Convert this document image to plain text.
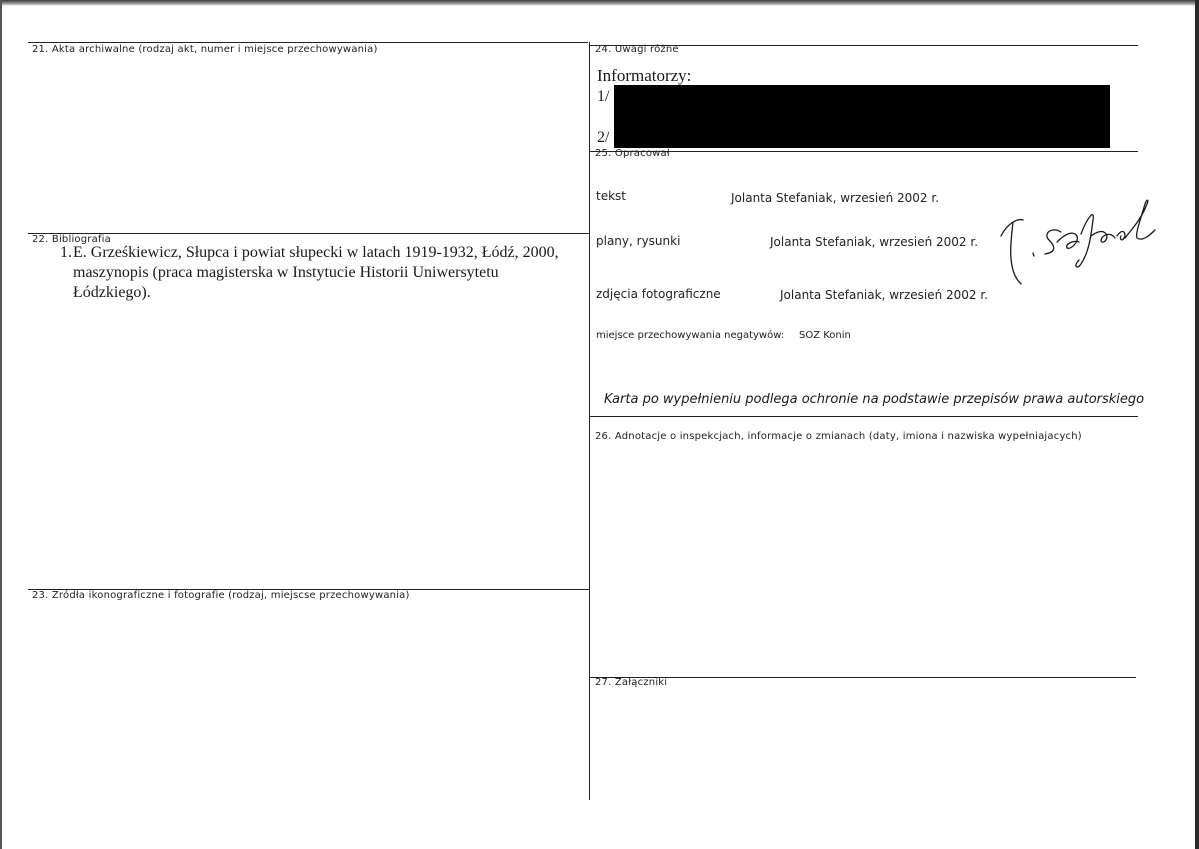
21. Akta archiwalne (rodzaj akt, numer i miejsce przechowywania)
22. Bibliografia
23. Źródła ikonograficzne i fotografie (rodzaj, miejscse przechowywania)
24. Uwagi różne
25. Opracował
26. Adnotacje o inspekcjach, informacje o zmianach (daty, imiona i nazwiska wypełniajacych)
27. Załączniki
Informatorzy:
1/
2/
1. E. Grześkiewicz, Słupca i powiat słupecki w latach 1919-1932, Łódź, 2000, maszynopis (praca magisterska w Instytucie Historii Uniwersytetu Łódzkiego).
tekst	Jolanta Stefaniak, wrzesień 2002 r.
plany, rysunki	Jolanta Stefaniak, wrzesień 2002 r.
zdjęcia fotograficzne	Jolanta Stefaniak, wrzesień 2002 r.
miejsce przechowywania negatywów: SOZ Konin
Karta po wypełnieniu podlega ochronie na podstawie przepisów prawa autorskiego
